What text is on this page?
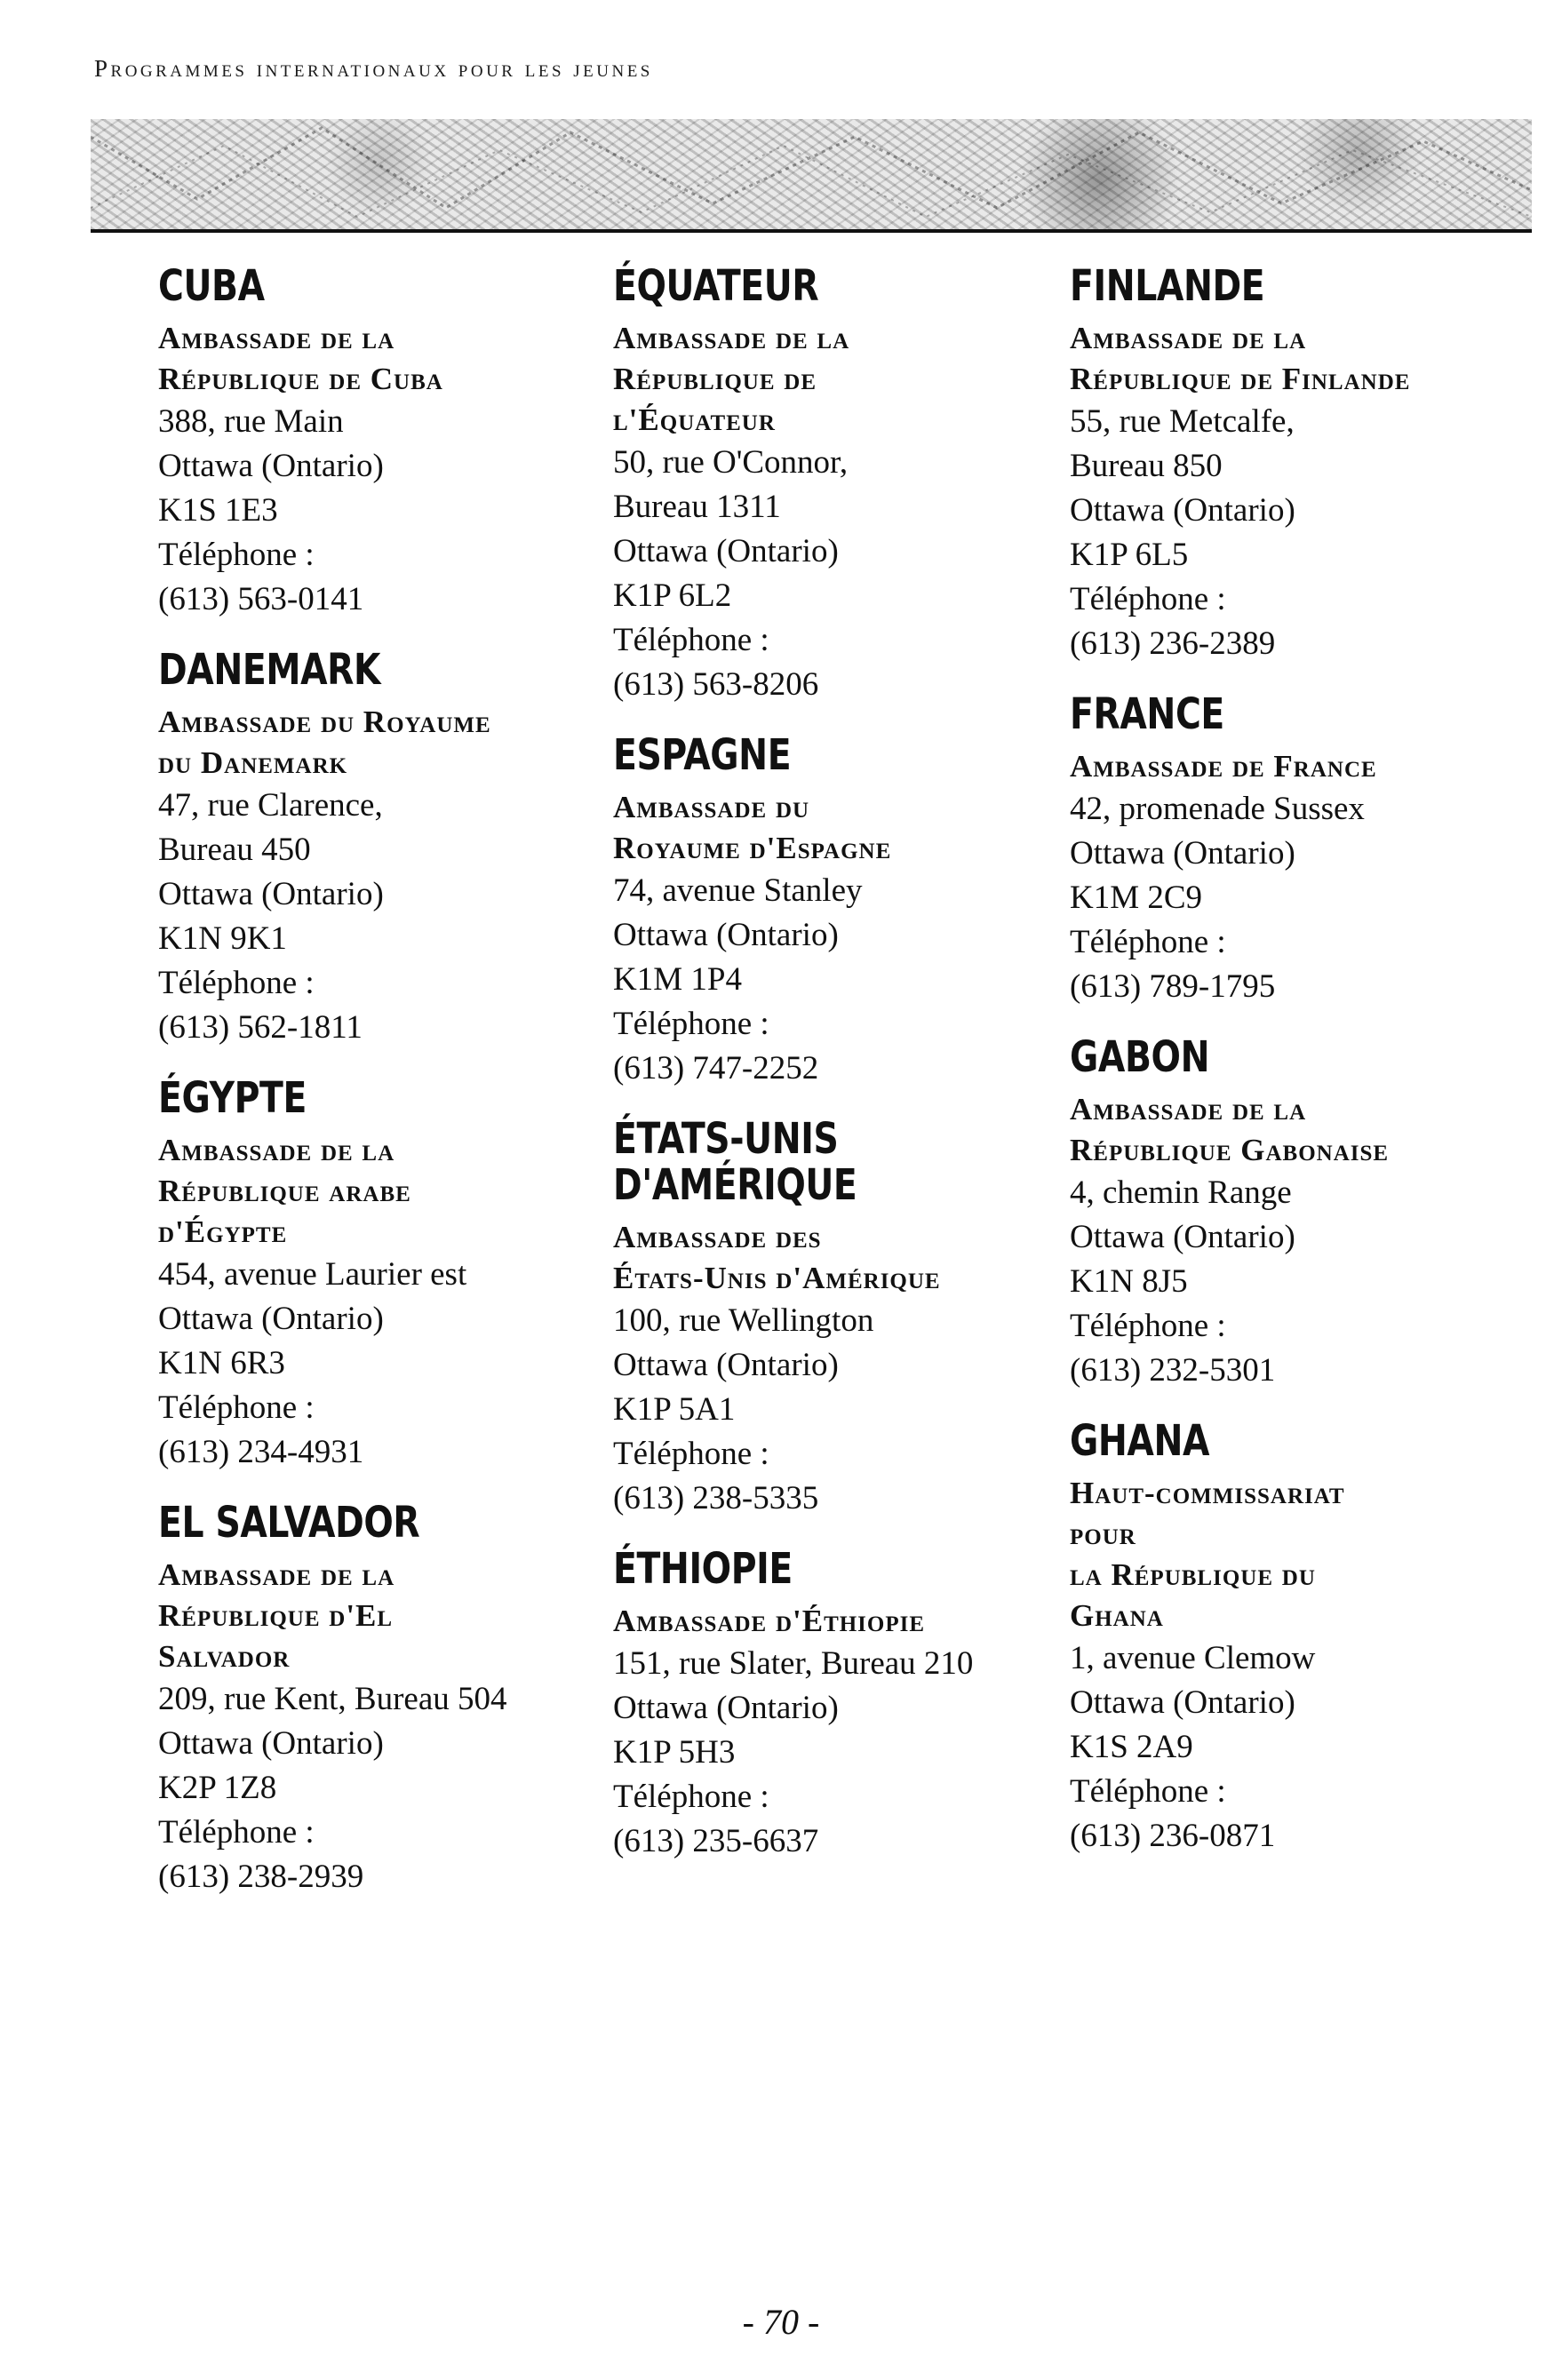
Programmes internationaux pour les jeunes
CUBA
Ambassade de la
République de Cuba
388, rue Main
Ottawa (Ontario)
K1S 1E3
Téléphone :
(613) 563-0141
DANEMARK
Ambassade du Royaume
du Danemark
47, rue Clarence,
Bureau 450
Ottawa (Ontario)
K1N 9K1
Téléphone :
(613) 562-1811
ÉGYPTE
Ambassade de la
République arabe
d'Égypte
454, avenue Laurier est
Ottawa (Ontario)
K1N 6R3
Téléphone :
(613) 234-4931
EL SALVADOR
Ambassade de la
République d'El
Salvador
209, rue Kent, Bureau 504
Ottawa (Ontario)
K2P 1Z8
Téléphone :
(613) 238-2939
ÉQUATEUR
Ambassade de la
République de
l'Équateur
50, rue O'Connor,
Bureau 1311
Ottawa (Ontario)
K1P 6L2
Téléphone :
(613) 563-8206
ESPAGNE
Ambassade du
Royaume d'Espagne
74, avenue Stanley
Ottawa (Ontario)
K1M 1P4
Téléphone :
(613) 747-2252
ÉTATS-UNIS
D'AMÉRIQUE
Ambassade des
États-Unis d'Amérique
100, rue Wellington
Ottawa (Ontario)
K1P 5A1
Téléphone :
(613) 238-5335
ÉTHIOPIE
Ambassade d'Éthiopie
151, rue Slater, Bureau 210
Ottawa (Ontario)
K1P 5H3
Téléphone :
(613) 235-6637
FINLANDE
Ambassade de la
République de Finlande
55, rue Metcalfe,
Bureau 850
Ottawa (Ontario)
K1P 6L5
Téléphone :
(613) 236-2389
FRANCE
Ambassade de France
42, promenade Sussex
Ottawa (Ontario)
K1M 2C9
Téléphone :
(613) 789-1795
GABON
Ambassade de la
République Gabonaise
4, chemin Range
Ottawa (Ontario)
K1N 8J5
Téléphone :
(613) 232-5301
GHANA
Haut-commissariat
pour
la République du
Ghana
1, avenue Clemow
Ottawa (Ontario)
K1S 2A9
Téléphone :
(613) 236-0871
- 70 -
